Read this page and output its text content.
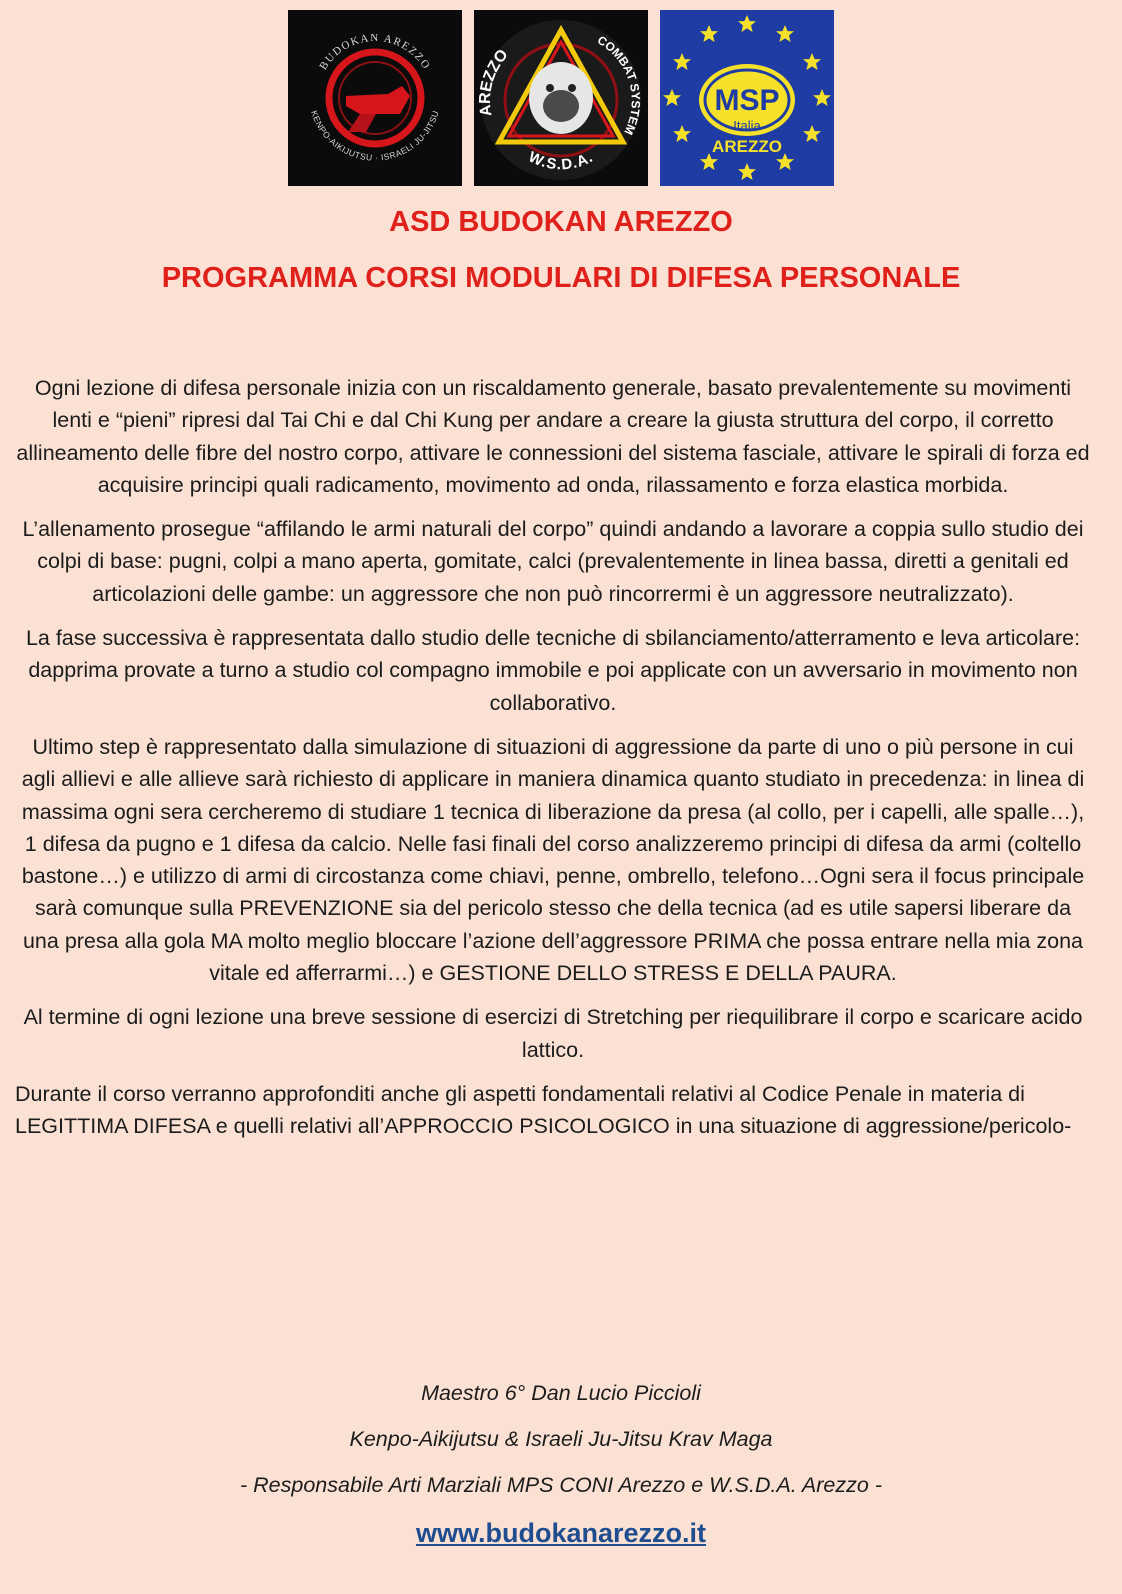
BUDOKAN AREZZO
KENPO-AIKIJUTSU · ISRAELI JU-JITSU AREZZO
COMBAT SYSTEM
W.S.D.A.
MSP
Italia
AREZZO
ASD BUDOKAN AREZZO
PROGRAMMA CORSI MODULARI DI DIFESA PERSONALE

Ogni lezione di difesa personale inizia con un riscaldamento generale, basato prevalentemente su movimenti lenti e “pieni” ripresi dal Tai Chi e dal Chi Kung per andare a creare la giusta struttura del corpo, il corretto allineamento delle fibre del nostro corpo, attivare le connessioni del sistema fasciale, attivare le spirali di forza ed acquisire principi quali radicamento, movimento ad onda, rilassamento e forza elastica morbida.

L’allenamento prosegue “affilando le armi naturali del corpo” quindi andando a lavorare a coppia sullo studio dei colpi di base: pugni, colpi a mano aperta, gomitate, calci (prevalentemente in linea bassa, diretti a genitali ed articolazioni delle gambe: un aggressore che non può rincorrermi è un aggressore neutralizzato).

La fase successiva è rappresentata dallo studio delle tecniche di sbilanciamento/atterramento e leva articolare: dapprima provate a turno a studio col compagno immobile e poi applicate con un avversario in movimento non collaborativo.

Ultimo step è rappresentato dalla simulazione di situazioni di aggressione da parte di uno o più persone in cui agli allievi e alle allieve sarà richiesto di applicare in maniera dinamica quanto studiato in precedenza: in linea di massima ogni sera cercheremo di studiare 1 tecnica di liberazione da presa (al collo, per i capelli, alle spalle…), 1 difesa da pugno e 1 difesa da calcio. Nelle fasi finali del corso analizzeremo principi di difesa da armi (coltello bastone…) e utilizzo di armi di circostanza come chiavi, penne, ombrello, telefono…Ogni sera il focus principale sarà comunque sulla PREVENZIONE sia del pericolo stesso che della tecnica (ad es utile sapersi liberare da una presa alla gola MA molto meglio bloccare l’azione dell’aggressore PRIMA che possa entrare nella mia zona vitale ed afferrarmi…) e GESTIONE DELLO STRESS E DELLA PAURA.

Al termine di ogni lezione una breve sessione di esercizi di Stretching per riequilibrare il corpo e scaricare acido lattico.

Durante il corso verranno approfonditi anche gli aspetti fondamentali relativi al Codice Penale in materia di LEGITTIMA DIFESA e quelli relativi all’APPROCCIO PSICOLOGICO in una situazione di aggressione/pericolo-

Maestro 6° Dan Lucio Piccioli

Kenpo-Aikijutsu & Israeli Ju-Jitsu Krav Maga

- Responsabile Arti Marziali MPS CONI Arezzo e W.S.D.A. Arezzo -

www.budokanarezzo.it
